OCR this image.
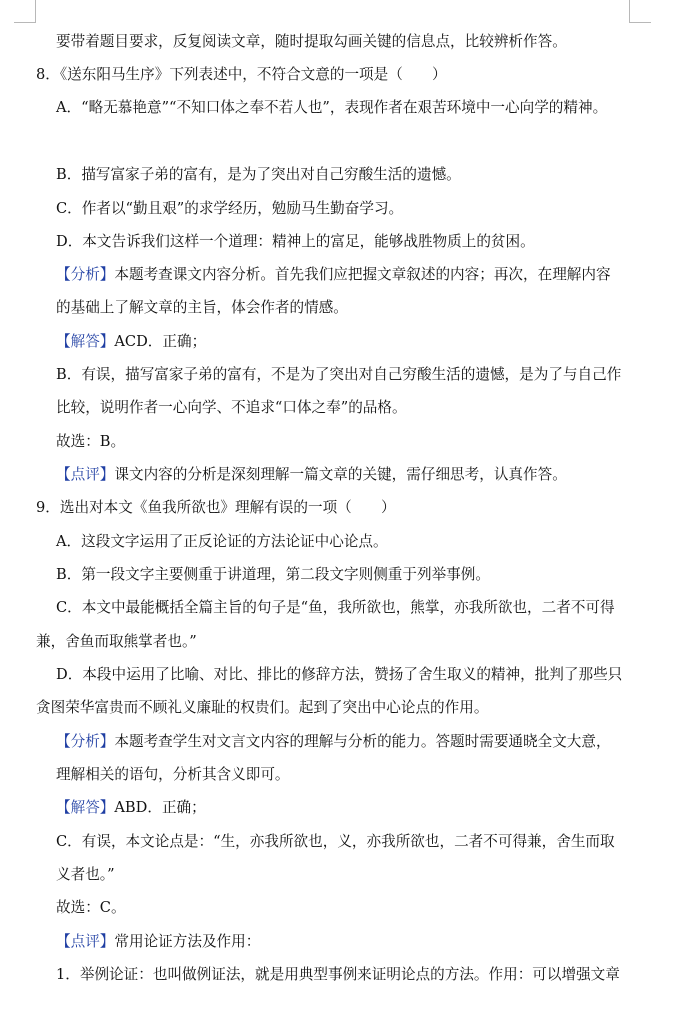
要带着题目要求，反复阅读文章，随时提取勾画关键的信息点，比较辨析作答。
8．《送东阳马生序》下列表述中，不符合文意的一项是（　　）
A．“略无慕艳意”“不知口体之奉不若人也”，表现作者在艰苦环境中一心向学的精神。
B．描写富家子弟的富有，是为了突出对自己穷酸生活的遗憾。
C．作者以“勤且艰”的求学经历，勉励马生勤奋学习。
D．本文告诉我们这样一个道理：精神上的富足，能够战胜物质上的贫困。
【分析】本题考查课文内容分析。首先我们应把握文章叙述的内容；再次，在理解内容
的基础上了解文章的主旨，体会作者的情感。
【解答】ACD．正确；
B．有误，描写富家子弟的富有，不是为了突出对自己穷酸生活的遗憾，是为了与自己作
比较，说明作者一心向学、不追求“口体之奉”的品格。
故选：B。
【点评】课文内容的分析是深刻理解一篇文章的关键，需仔细思考，认真作答。
9．选出对本文《鱼我所欲也》理解有误的一项（　　）
A．这段文字运用了正反论证的方法论证中心论点。
B．第一段文字主要侧重于讲道理，第二段文字则侧重于列举事例。
C．本文中最能概括全篇主旨的句子是“鱼，我所欲也，熊掌，亦我所欲也，二者不可得
兼，舍鱼而取熊掌者也。”
D．本段中运用了比喻、对比、排比的修辞方法，赞扬了舍生取义的精神，批判了那些只
贪图荣华富贵而不顾礼义廉耻的权贵们。起到了突出中心论点的作用。
【分析】本题考查学生对文言文内容的理解与分析的能力。答题时需要通晓全文大意，
理解相关的语句，分析其含义即可。
【解答】ABD．正确；
C．有误，本文论点是：“生，亦我所欲也，义，亦我所欲也，二者不可得兼，舍生而取
义者也。”
故选：C。
【点评】常用论证方法及作用：
1．举例论证：也叫做例证法，就是用典型事例来证明论点的方法。作用：可以增强文章
